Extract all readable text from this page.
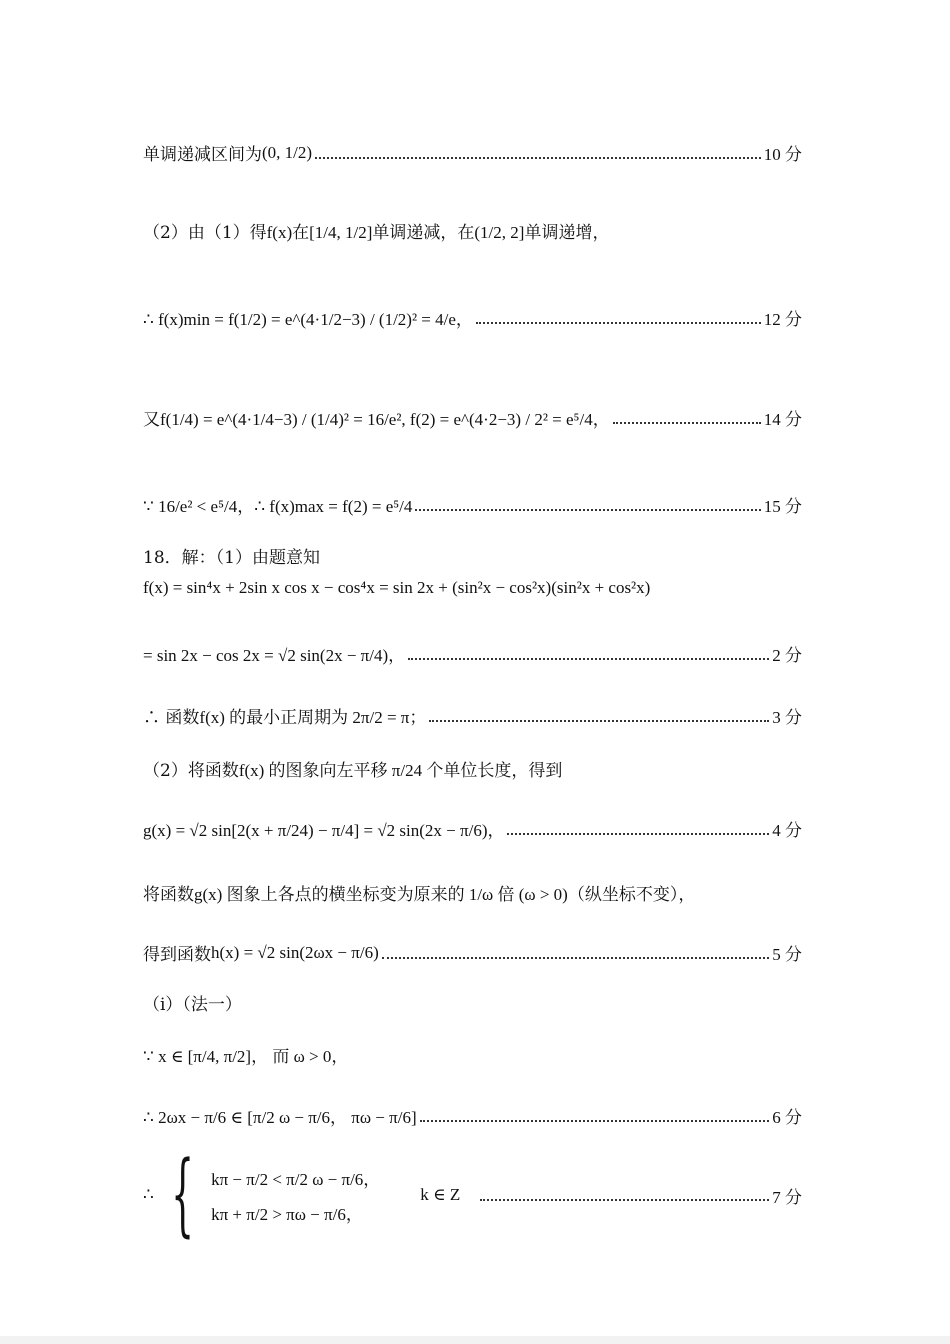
单调递减区间为 (0, 1/2)	10 分
（2）由（1）得 f(x)在[1/4, 1/2]单调递减，在(1/2, 2]单调递增，
∴ f(x)min = f(1/2) = e^(4·1/2−3) / (1/2)² = 4/e，	12 分
又 f(1/4) = e^(4·1/4−3) / (1/4)² = 16/e², f(2) = e^(4·2−3) / 2² = e⁵/4，	14 分
∵ 16/e² < e⁵/4，∴ f(x)max = f(2) = e⁵/4	15 分
18．解：（1）由题意知
f(x) = sin⁴x + 2sin x cos x − cos⁴x = sin 2x + (sin²x − cos²x)(sin²x + cos²x)
= sin 2x − cos 2x = √2 sin(2x − π/4)，	2 分
∴ 函数 f(x) 的最小正周期为 2π/2 = π；	3 分
（2）将函数 f(x) 的图象向左平移 π/24 个单位长度，得到
g(x) = √2 sin[2(x + π/24) − π/4] = √2 sin(2x − π/6)，	4 分
将函数 g(x) 图象上各点的横坐标变为原来的 1/ω 倍 (ω > 0)（纵坐标不变），
得到函数 h(x) = √2 sin(2ωx − π/6)	5 分
（i）（法一）
∵ x ∈ [π/4, π/2]， 而 ω > 0，
∴ 2ωx − π/6 ∈ [π/2 ω − π/6， πω − π/6]	6 分
∴ { kπ − π/2 < π/2 ω − π/6，
kπ + π/2 > πω − π/6，
k ∈ Z	7 分
